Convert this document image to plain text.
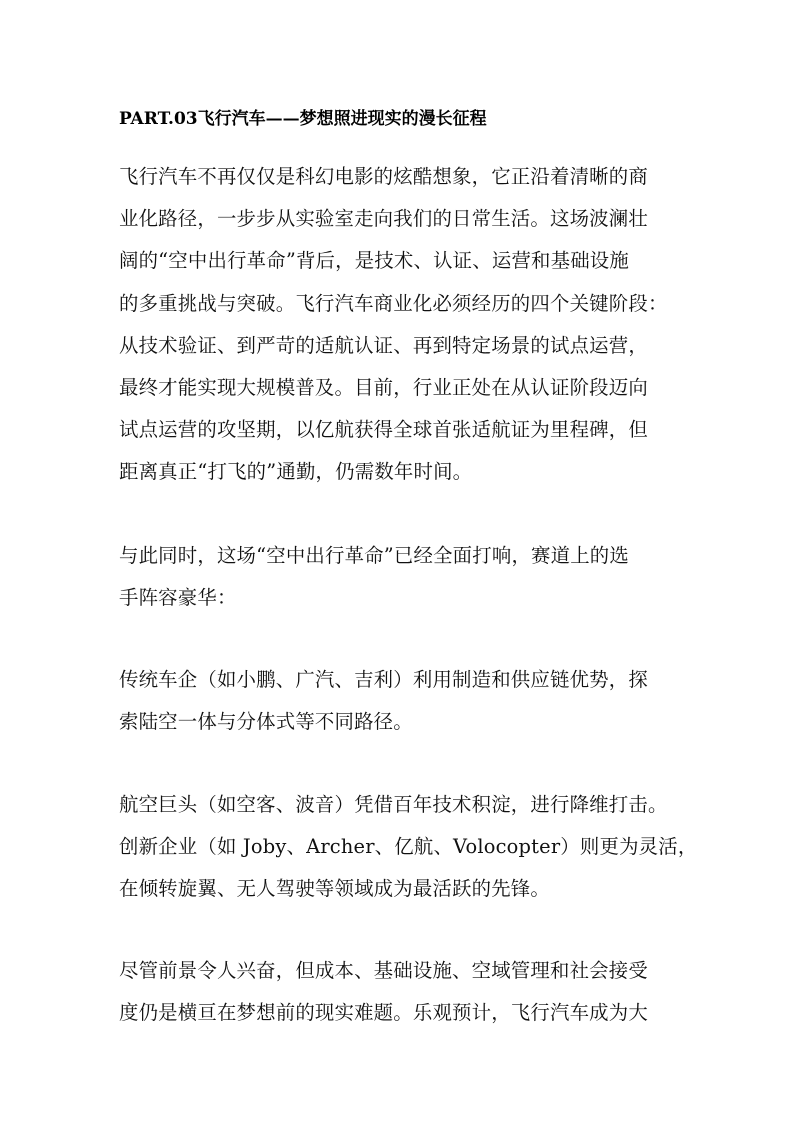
PART.03飞行汽车——梦想照进现实的漫长征程
飞行汽车不再仅仅是科幻电影的炫酷想象，它正沿着清晰的商
业化路径，一步步从实验室走向我们的日常生活。这场波澜壮
阔的“空中出行革命”背后，是技术、认证、运营和基础设施
的多重挑战与突破。飞行汽车商业化必须经历的四个关键阶段：
从技术验证、到严苛的适航认证、再到特定场景的试点运营，
最终才能实现大规模普及。目前，行业正处在从认证阶段迈向
试点运营的攻坚期，以亿航获得全球首张适航证为里程碑，但
距离真正“打飞的”通勤，仍需数年时间。
与此同时，这场“空中出行革命”已经全面打响，赛道上的选
手阵容豪华：
传统车企（如小鹏、广汽、吉利）利用制造和供应链优势，探
索陆空一体与分体式等不同路径。
航空巨头（如空客、波音）凭借百年技术积淀，进行降维打击。
创新企业（如 Joby、Archer、亿航、Volocopter）则更为灵活，
在倾转旋翼、无人驾驶等领域成为最活跃的先锋。
尽管前景令人兴奋，但成本、基础设施、空域管理和社会接受
度仍是横亘在梦想前的现实难题。乐观预计，飞行汽车成为大
